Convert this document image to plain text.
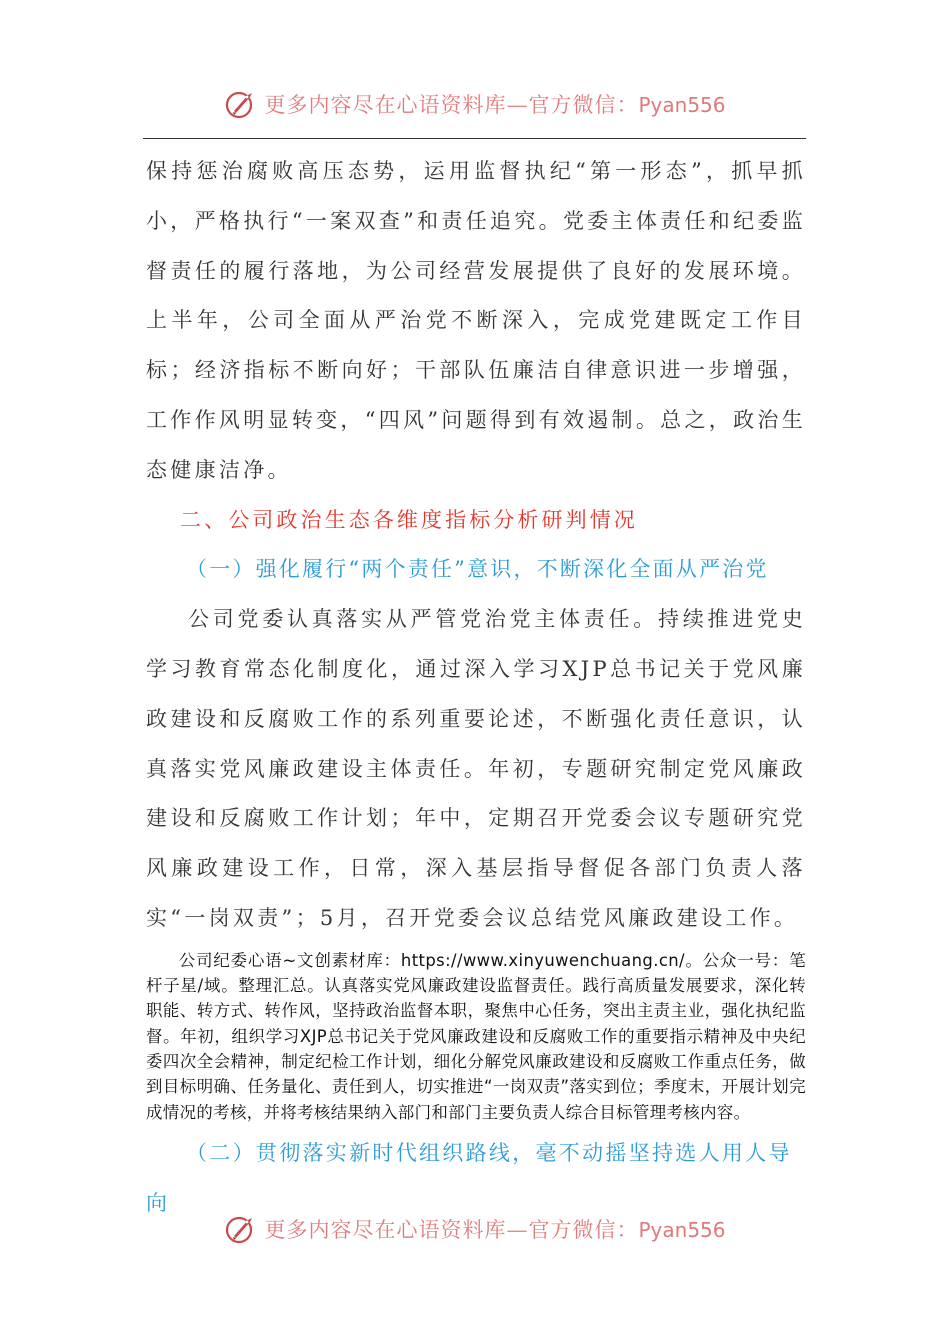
更多内容尽在心语资料库—官方微信：Pyan556

保持惩治腐败高压态势，运用监督执纪“第一形态”，抓早抓小，严格执行“一案双查”和责任追究。党委主体责任和纪委监督责任的履行落地，为公司经营发展提供了良好的发展环境。上半年，公司全面从严治党不断深入，完成党建既定工作目标；经济指标不断向好；干部队伍廉洁自律意识进一步增强，工作作风明显转变，“四风”问题得到有效遏制。总之，政治生态健康洁净。

二、公司政治生态各维度指标分析研判情况

（一）强化履行“两个责任”意识，不断深化全面从严治党

公司党委认真落实从严管党治党主体责任。持续推进党史学习教育常态化制度化，通过深入学习XJP总书记关于党风廉政建设和反腐败工作的系列重要论述，不断强化责任意识，认真落实党风廉政建设主体责任。年初，专题研究制定党风廉政建设和反腐败工作计划；年中，定期召开党委会议专题研究党风廉政建设工作，日常，深入基层指导督促各部门负责人落实“一岗双责”；5月，召开党委会议总结党风廉政建设工作。

公司纪委心语~文创素材库：https://www.xinyuwenchuang.cn/。公众一号：笔杆子星/域。整理汇总。认真落实党风廉政建设监督责任。践行高质量发展要求，深化转职能、转方式、转作风，坚持政治监督本职，聚焦中心任务，突出主责主业，强化执纪监督。年初，组织学习XJP总书记关于党风廉政建设和反腐败工作的重要指示精神及中央纪委四次全会精神，制定纪检工作计划，细化分解党风廉政建设和反腐败工作重点任务，做到目标明确、任务量化、责任到人，切实推进“一岗双责”落实到位；季度末，开展计划完成情况的考核，并将考核结果纳入部门和部门主要负责人综合目标管理考核内容。

（二）贯彻落实新时代组织路线，毫不动摇坚持选人用人导向

更多内容尽在心语资料库—官方微信：Pyan556
